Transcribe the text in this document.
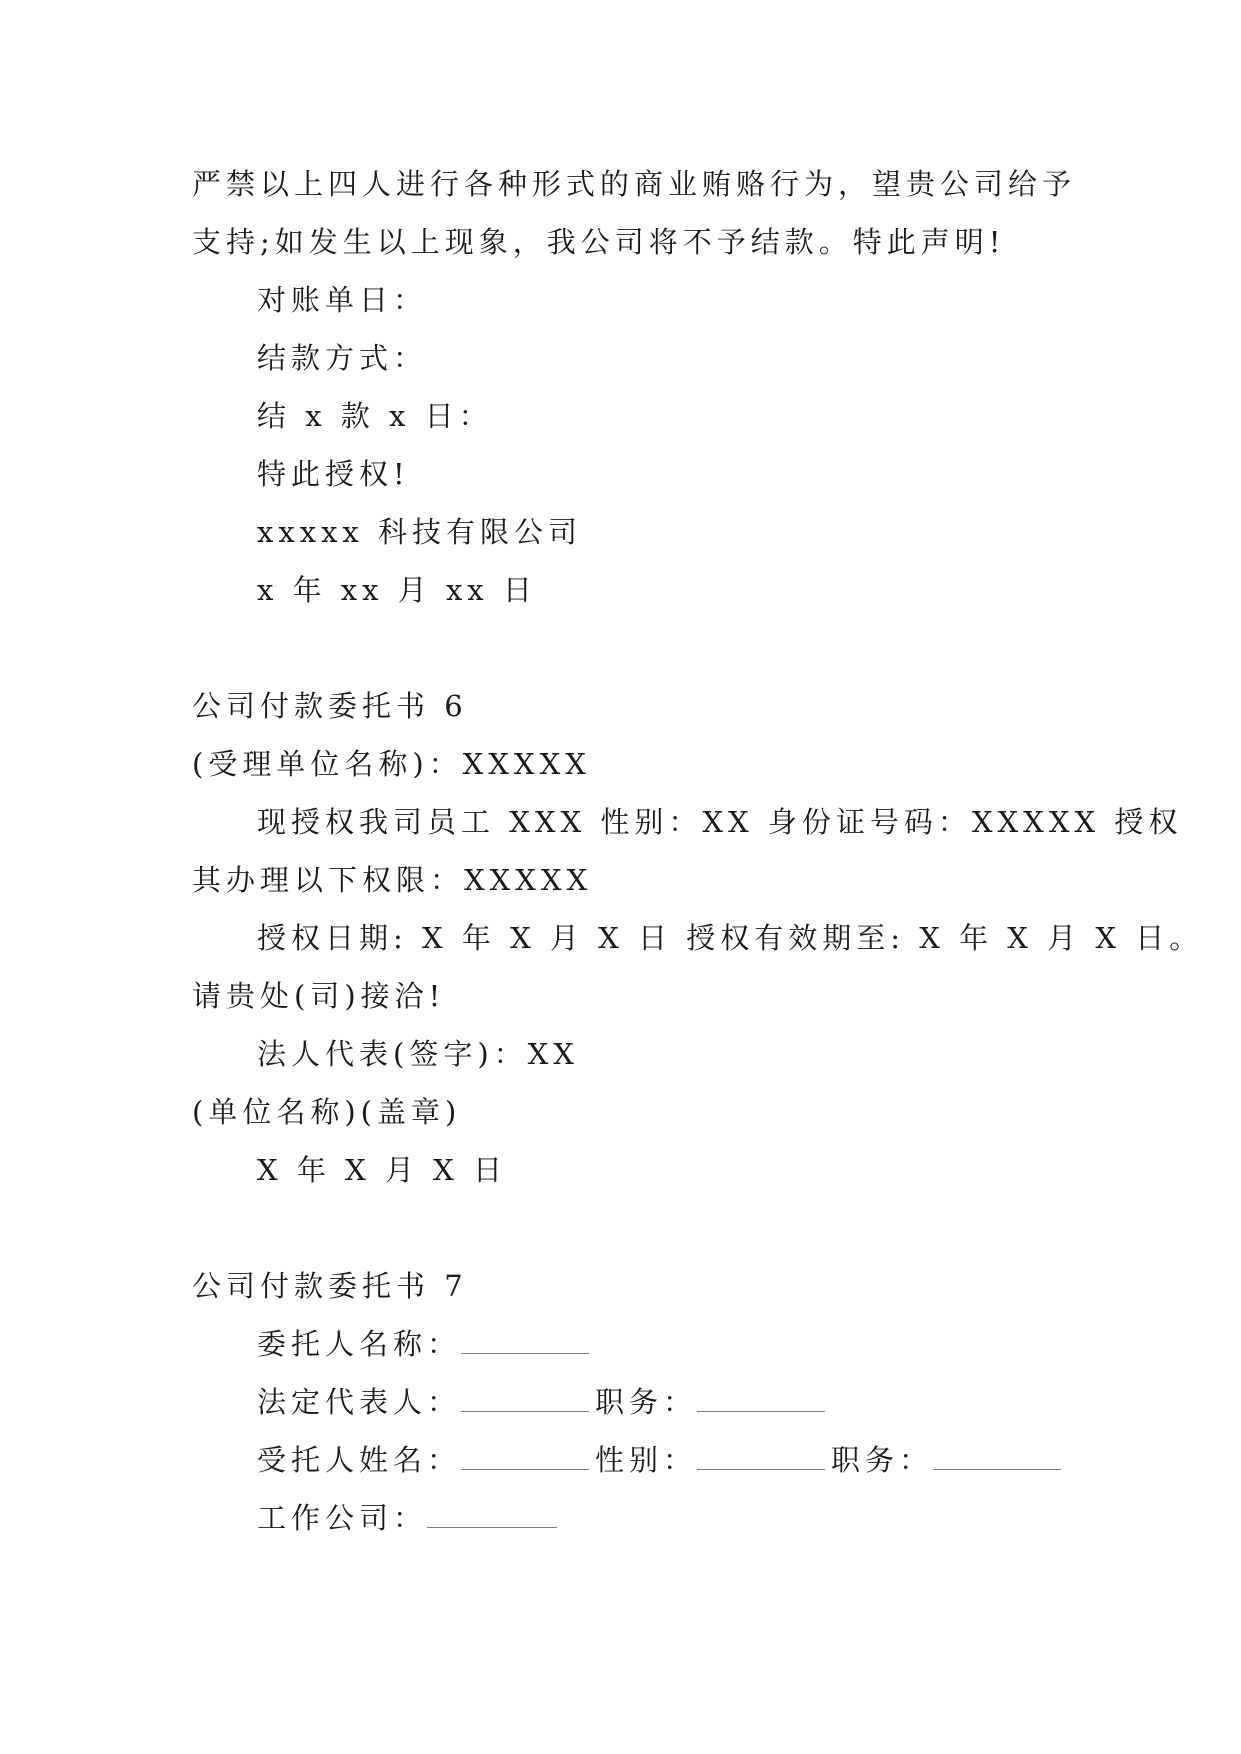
严禁以上四人进行各种形式的商业贿赂行为，望贵公司给予

支持;如发生以上现象，我公司将不予结款。特此声明!

对账单日：

结款方式：

结 x 款 x 日：

特此授权!

xxxxx 科技有限公司

x 年 xx 月 xx 日

公司付款委托书 6

(受理单位名称)：XXXXX

现授权我司员工 XXX 性别：XX 身份证号码：XXXXX 授权

其办理以下权限：XXXXX

授权日期: X 年 X 月 X 日 授权有效期至: X 年 X 月 X 日。

请贵处(司)接洽!

法人代表(签字)：XX

(单位名称)(盖章)

X 年 X 月 X 日

公司付款委托书 7

委托人名称：

法定代表人：	职务：

受托人姓名：	性别：	职务：

工作公司：
